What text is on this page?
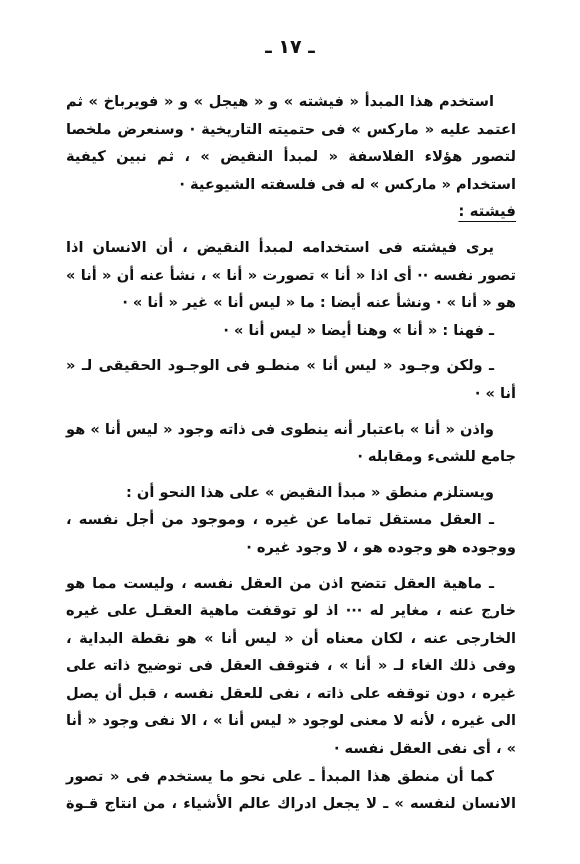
ـ ١٧ ـ

استخدم هذا المبدأ « فيشته » و « هيجل » و « فويرباخ » ثم اعتمد عليه « ماركس » فى حتميته التاريخية · وسنعرض ملخصا لتصور هؤلاء الفلاسفة « لمبدأ النقيض » ، ثم نبين كيفية استخدام « ماركس » له فى فلسفته الشيوعية ·

فيشته :

يرى فيشته فى استخدامه لمبدأ النقيض ، أن الانسان اذا تصور نفسه ·· أى اذا « أنا » تصورت « أنا » ، نشأ عنه أن « أنا » هو « أنا » · ونشأ عنه أيضا : ما « ليس أنا » غير « أنا » ·

ـ فهنا : « أنا » وهنا أيضا « ليس أنا » ·

ـ ولكن وجـود « ليس أنا » منطـو فى الوجـود الحقيقى لـ « أنا » ·

واذن « أنا » باعتبار أنه ينطوى فى ذاته وجود « ليس أنا » هو جامع للشىء ومقابله ·

ويستلزم منطق « مبدأ النقيض » على هذا النحو أن :

ـ العقل مستقل تماما عن غيره ، وموجود من أجل نفسه ، ووجوده هو وجوده هو ، لا وجود غيره ·

ـ ماهية العقل تتضح اذن من العقل نفسه ، وليست مما هو خارج عنه ، مغاير له ··· اذ لو توقفت ماهية العقـل على غيره الخارجى عنه ، لكان معناه أن « ليس أنا » هو نقطة البداية ، وفى ذلك الغاء لـ « أنا » ، فتوقف العقل فى توضيح ذاته على غيره ، دون توقفه على ذاته ، نفى للعقل نفسه ، قبل أن يصل الى غيره ، لأنه لا معنى لوجود « ليس أنا » ، الا نفى وجود « أنا » ، أى نفى العقل نفسه ·

كما أن منطق هذا المبدأ ـ على نحو ما يستخدم فى « تصور الانسان لنفسه » ـ لا يجعل ادراك عالم الأشياء ، من انتاج قـوة
